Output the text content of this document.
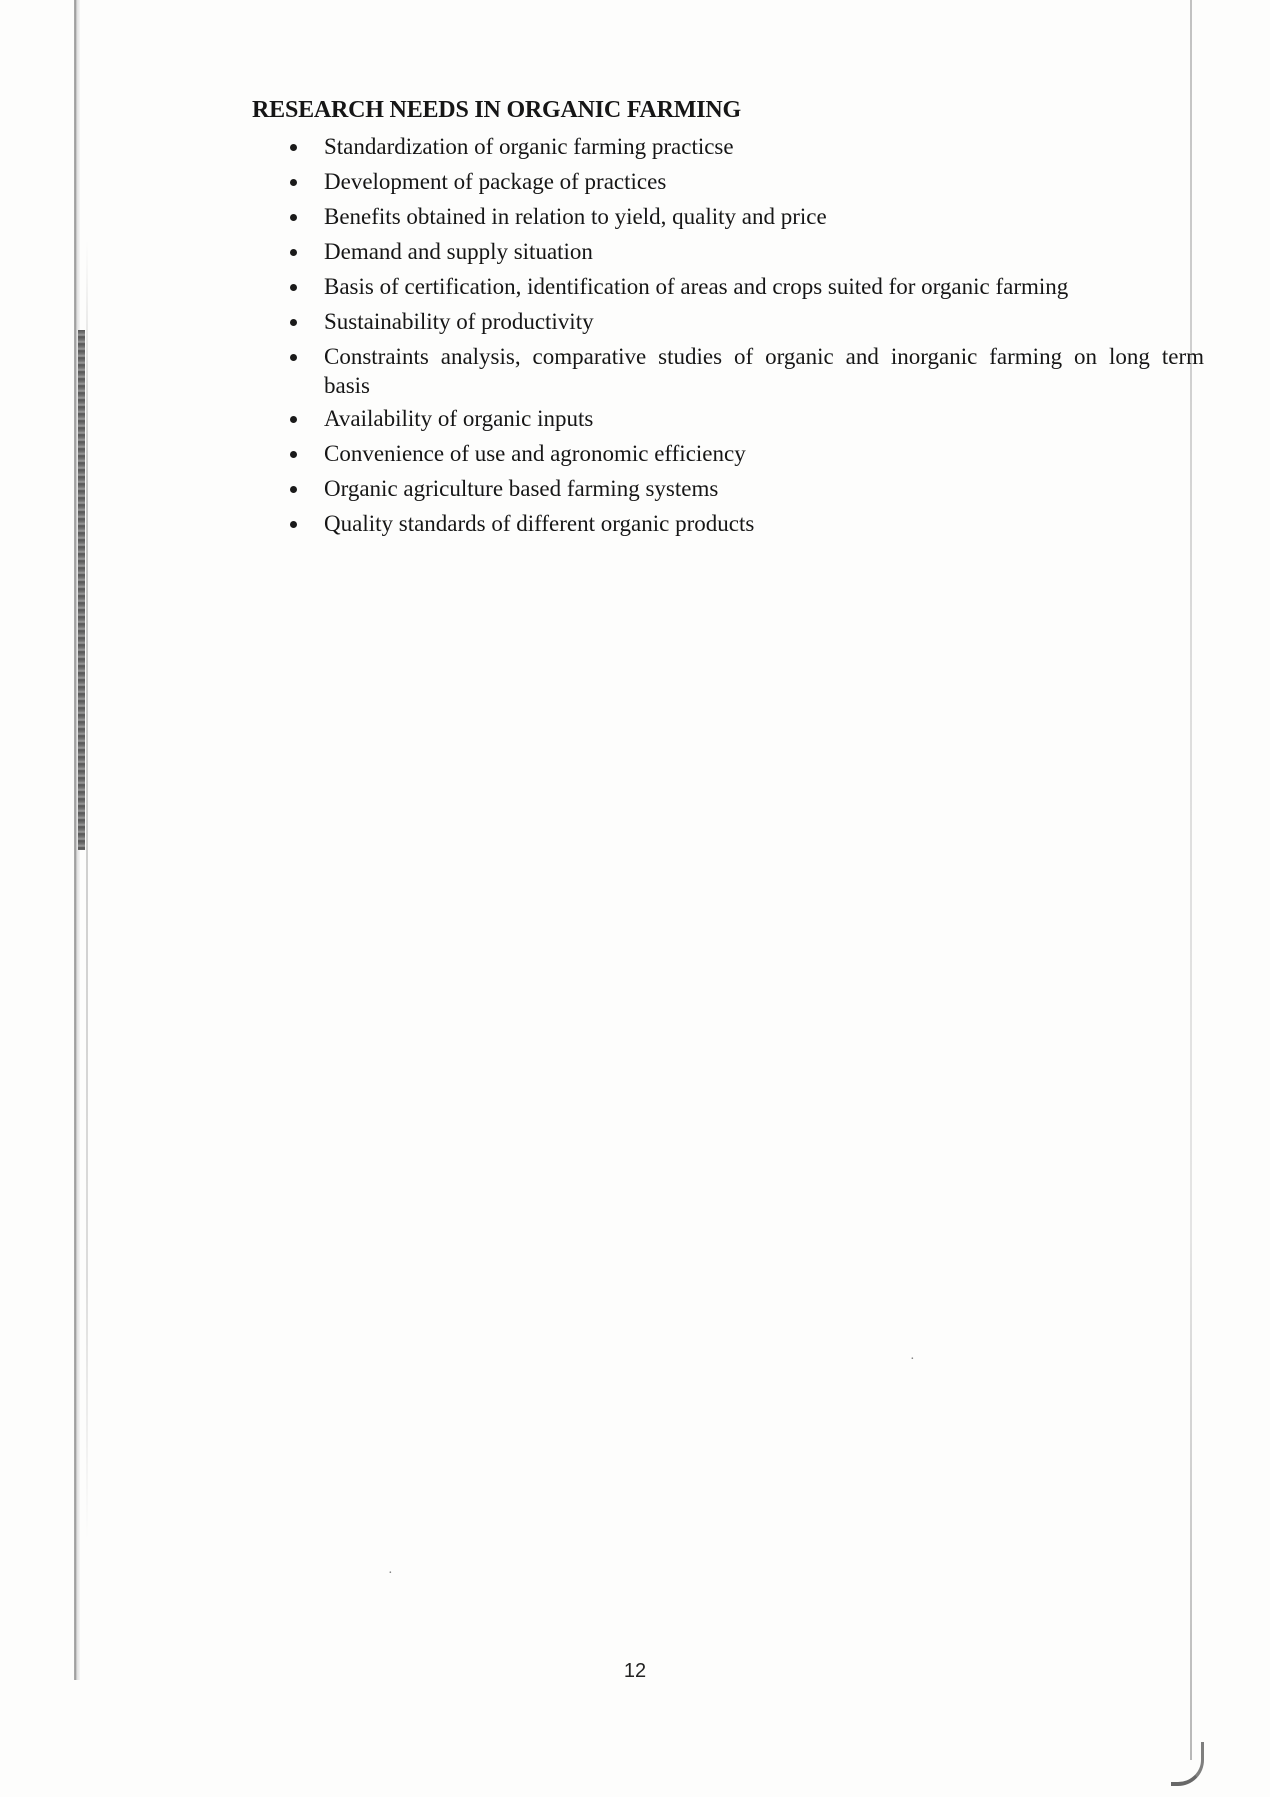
RESEARCH NEEDS IN ORGANIC FARMING
Standardization of organic farming practicse
Development of package of practices
Benefits obtained in relation to yield, quality and price
Demand and supply situation
Basis of certification, identification of areas and crops suited for organic farming
Sustainability of productivity
Constraints analysis, comparative studies of organic and inorganic farming on long term basis
Availability of organic inputs
Convenience of use and agronomic efficiency
Organic agriculture based farming systems
Quality standards of different organic products
·
·
12
